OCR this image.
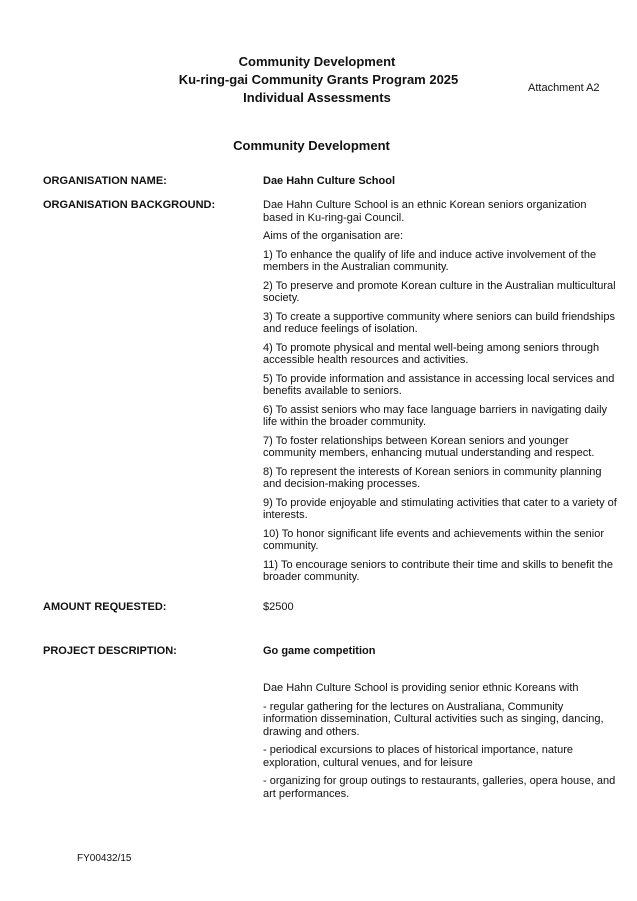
Community Development
Ku-ring-gai Community Grants Program 2025
Individual Assessments
Attachment A2
Community Development
ORGANISATION NAME:	Dae Hahn Culture School
ORGANISATION BACKGROUND:	Dae Hahn Culture School is an ethnic Korean seniors organization based in Ku-ring-gai Council.

Aims of the organisation are:

1) To enhance the qualify of life and induce active involvement of the members in the Australian community.

2) To preserve and promote Korean culture in the Australian multicultural society.

3) To create a supportive community where seniors can build friendships and reduce feelings of isolation.

4) To promote physical and mental well-being among seniors through accessible health resources and activities.

5) To provide information and assistance in accessing local services and benefits available to seniors.

6) To assist seniors who may face language barriers in navigating daily life within the broader community.

7) To foster relationships between Korean seniors and younger community members, enhancing mutual understanding and respect.

8) To represent the interests of Korean seniors in community planning and decision-making processes.

9) To provide enjoyable and stimulating activities that cater to a variety of interests.

10) To honor significant life events and achievements within the senior community.

11) To encourage seniors to contribute their time and skills to benefit the broader community.

AMOUNT REQUESTED:	$2500
PROJECT DESCRIPTION:	Go game competition

Dae Hahn Culture School is providing senior ethnic Koreans with

- regular gathering for the lectures on Australiana, Community information dissemination, Cultural activities such as singing, dancing, drawing and others.

- periodical excursions to places of historical importance, nature exploration, cultural venues, and for leisure

- organizing for group outings to restaurants, galleries, opera house, and art performances.

FY00432/15
